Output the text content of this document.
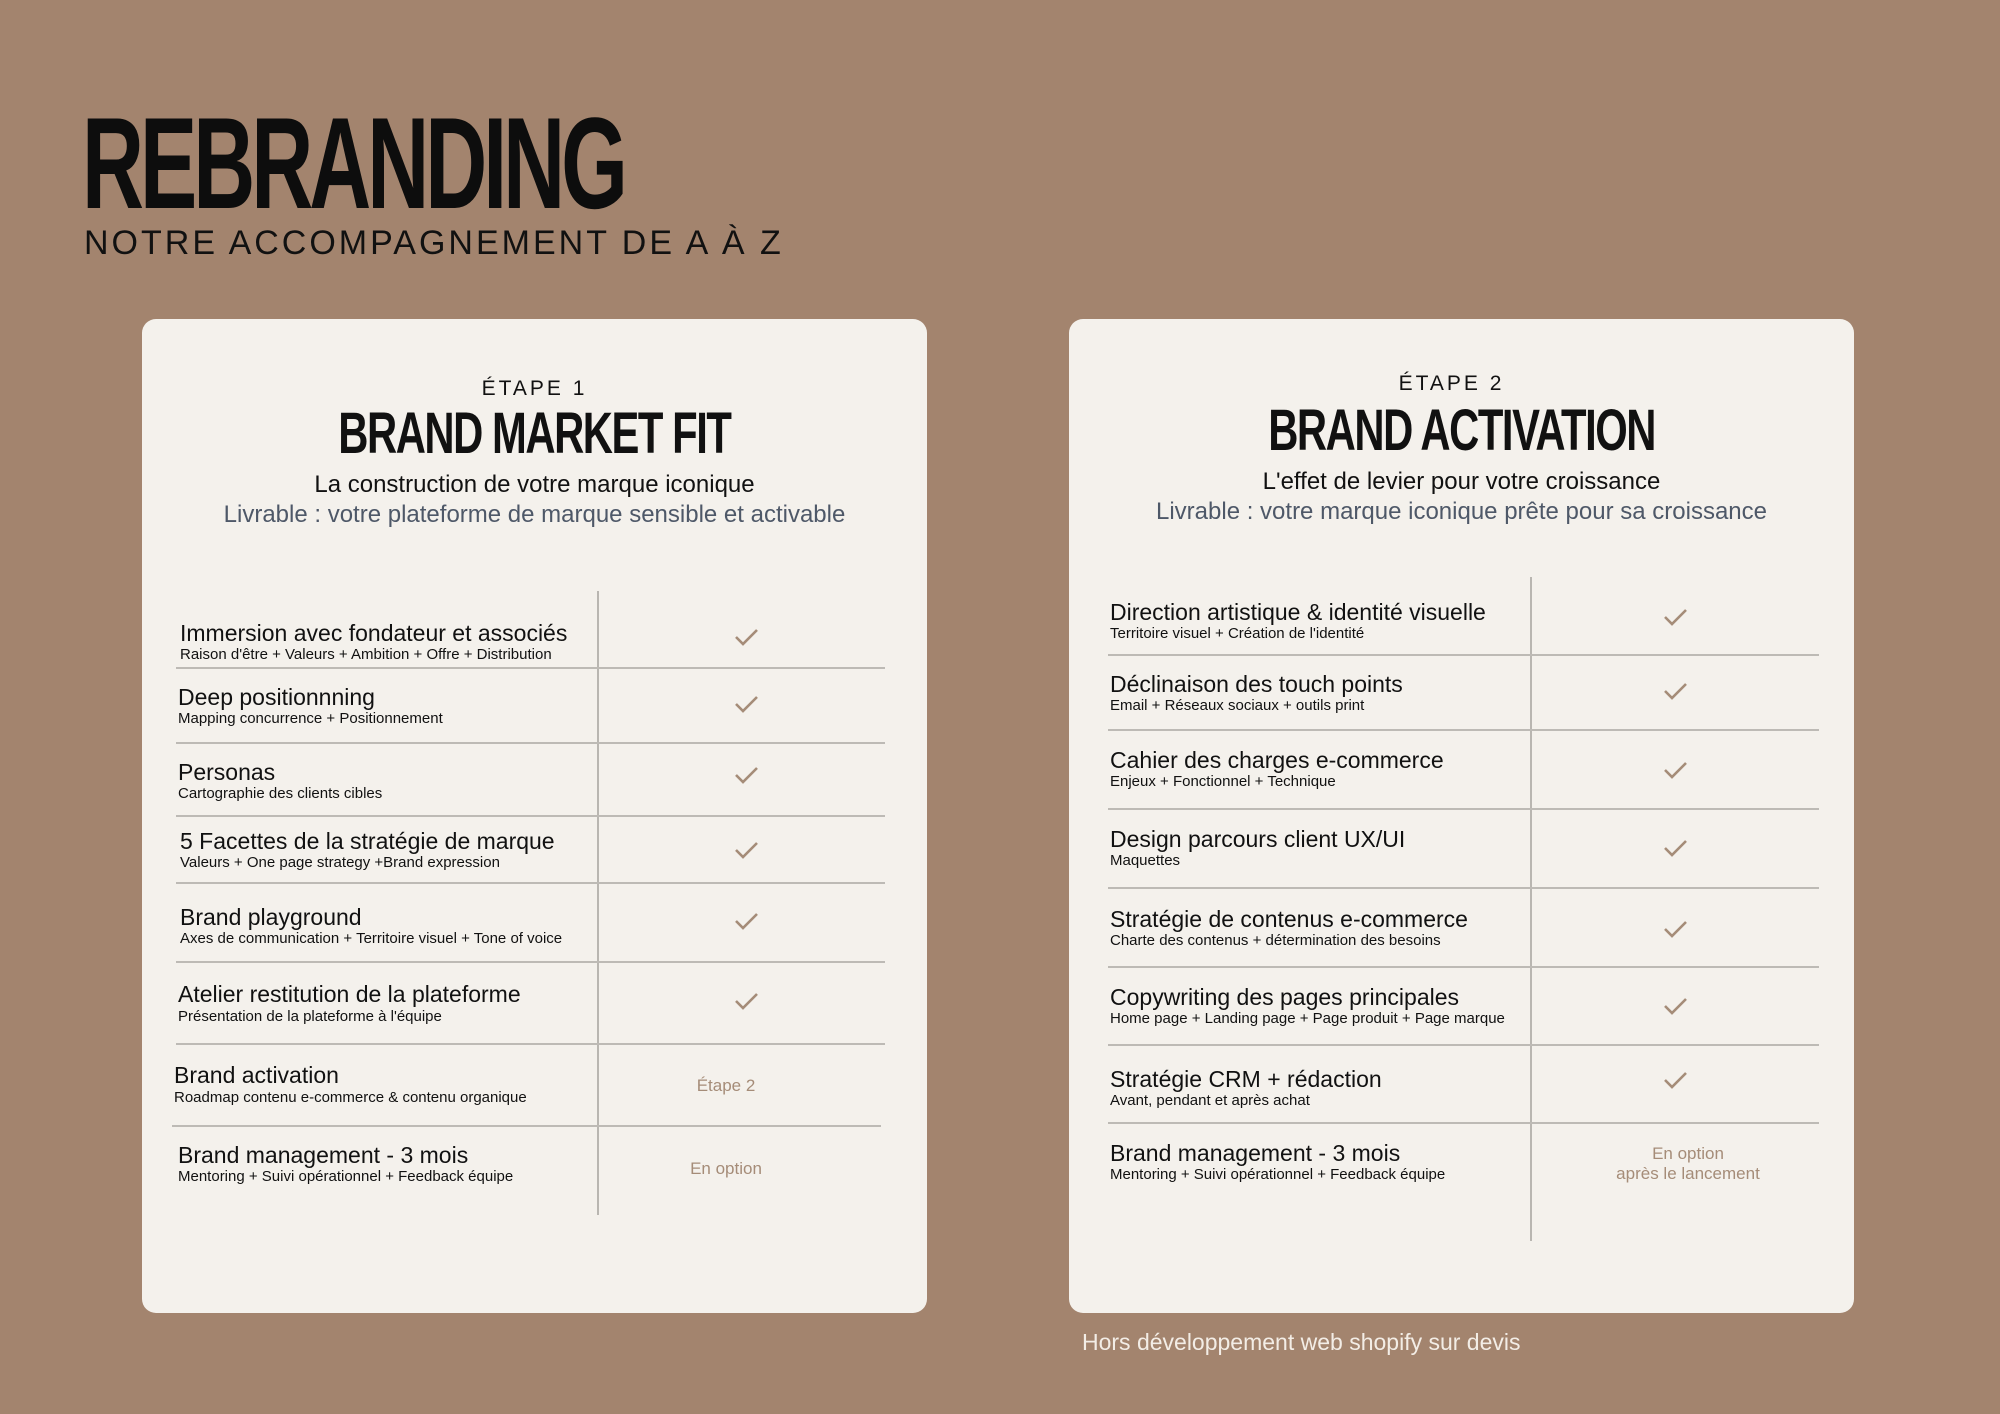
REBRANDING
NOTRE ACCOMPAGNEMENT DE A À Z
ÉTAPE 1
BRAND MARKET FIT
La construction de votre marque iconique
Livrable : votre plateforme de marque sensible et activable
Immersion avec fondateur et associés
Raison d'être + Valeurs + Ambition + Offre + Distribution
Deep positionnning
Mapping concurrence + Positionnement
Personas
Cartographie des clients cibles
5 Facettes de la stratégie de marque
Valeurs + One page strategy +Brand expression
Brand playground
Axes de communication + Territoire visuel + Tone of voice
Atelier restitution de la plateforme
Présentation de la plateforme à l'équipe
Brand activation
Roadmap contenu e-commerce & contenu organique
Étape 2
Brand management - 3 mois
Mentoring + Suivi opérationnel + Feedback équipe	En option
ÉTAPE 2
BRAND ACTIVATION
L'effet de levier pour votre croissance
Livrable : votre marque iconique prête pour sa croissance
Direction artistique & identité visuelle
Territoire visuel + Création de l'identité
Déclinaison des touch points
Email + Réseaux sociaux + outils print
Cahier des charges e-commerce
Enjeux + Fonctionnel + Technique
Design parcours client UX/UI
Maquettes
Stratégie de contenus e-commerce
Charte des contenus + détermination des besoins
Copywriting des pages principales
Home page + Landing page + Page produit + Page marque
Stratégie CRM + rédaction
Avant, pendant et après achat
Brand management - 3 mois
Mentoring + Suivi opérationnel + Feedback équipe
En option
après le lancement
Hors développement web shopify sur devis
